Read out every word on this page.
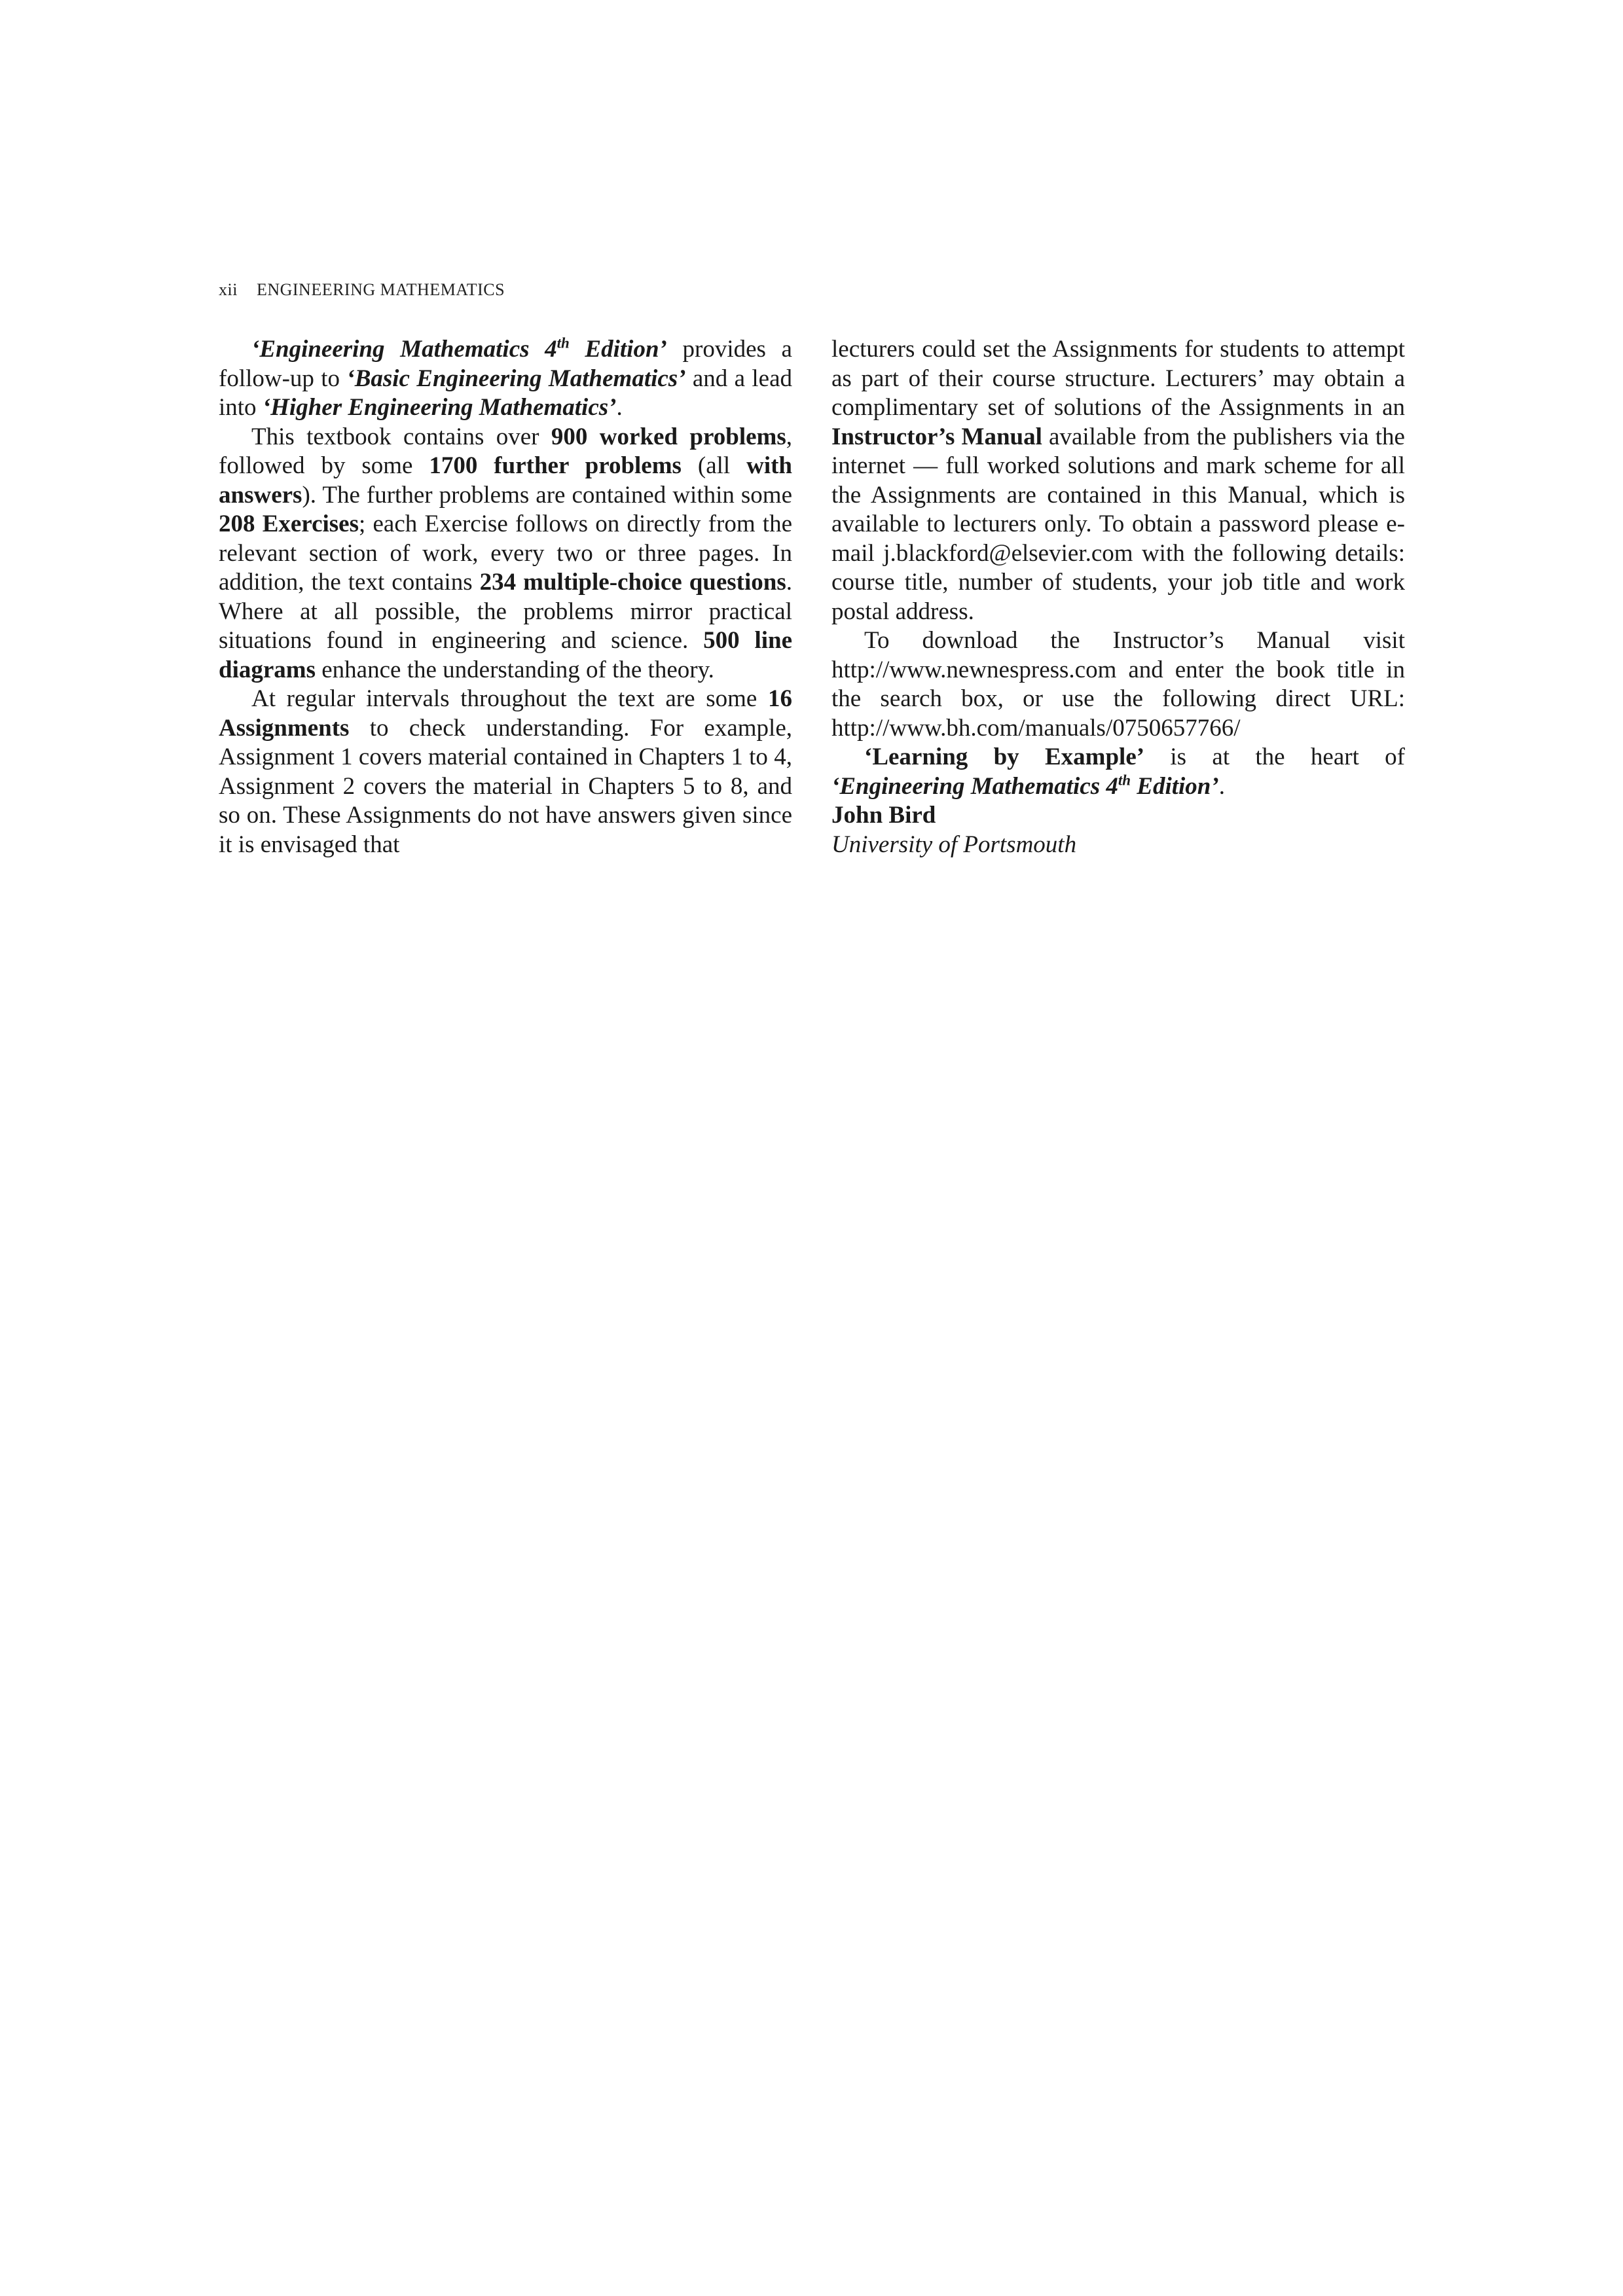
xii ENGINEERING MATHEMATICS

‘Engineering Mathematics 4th Edition’ provides a follow-up to ‘Basic Engineering Mathematics’ and a lead into ‘Higher Engineering Mathematics’.

This textbook contains over 900 worked problems, followed by some 1700 further problems (all with answers). The further problems are contained within some 208 Exercises; each Exercise follows on directly from the relevant section of work, every two or three pages. In addition, the text contains 234 multiple-choice questions. Where at all possible, the problems mirror practical situations found in engineering and science. 500 line diagrams enhance the understanding of the theory.

At regular intervals throughout the text are some 16 Assignments to check understanding. For example, Assignment 1 covers material contained in Chapters 1 to 4, Assignment 2 covers the material in Chapters 5 to 8, and so on. These Assignments do not have answers given since it is envisaged that

lecturers could set the Assignments for students to attempt as part of their course structure. Lecturers’ may obtain a complimentary set of solutions of the Assignments in an Instructor’s Manual available from the publishers via the internet — full worked solutions and mark scheme for all the Assignments are contained in this Manual, which is available to lecturers only. To obtain a password please e-mail j.blackford@elsevier.com with the following details: course title, number of students, your job title and work postal address.

To download the Instructor’s Manual visit http://www.newnespress.com and enter the book title in the search box, or use the following direct URL: http://www.bh.com/manuals/0750657766/

‘Learning by Example’ is at the heart of ‘Engineering Mathematics 4th Edition’.

John Bird

University of Portsmouth
